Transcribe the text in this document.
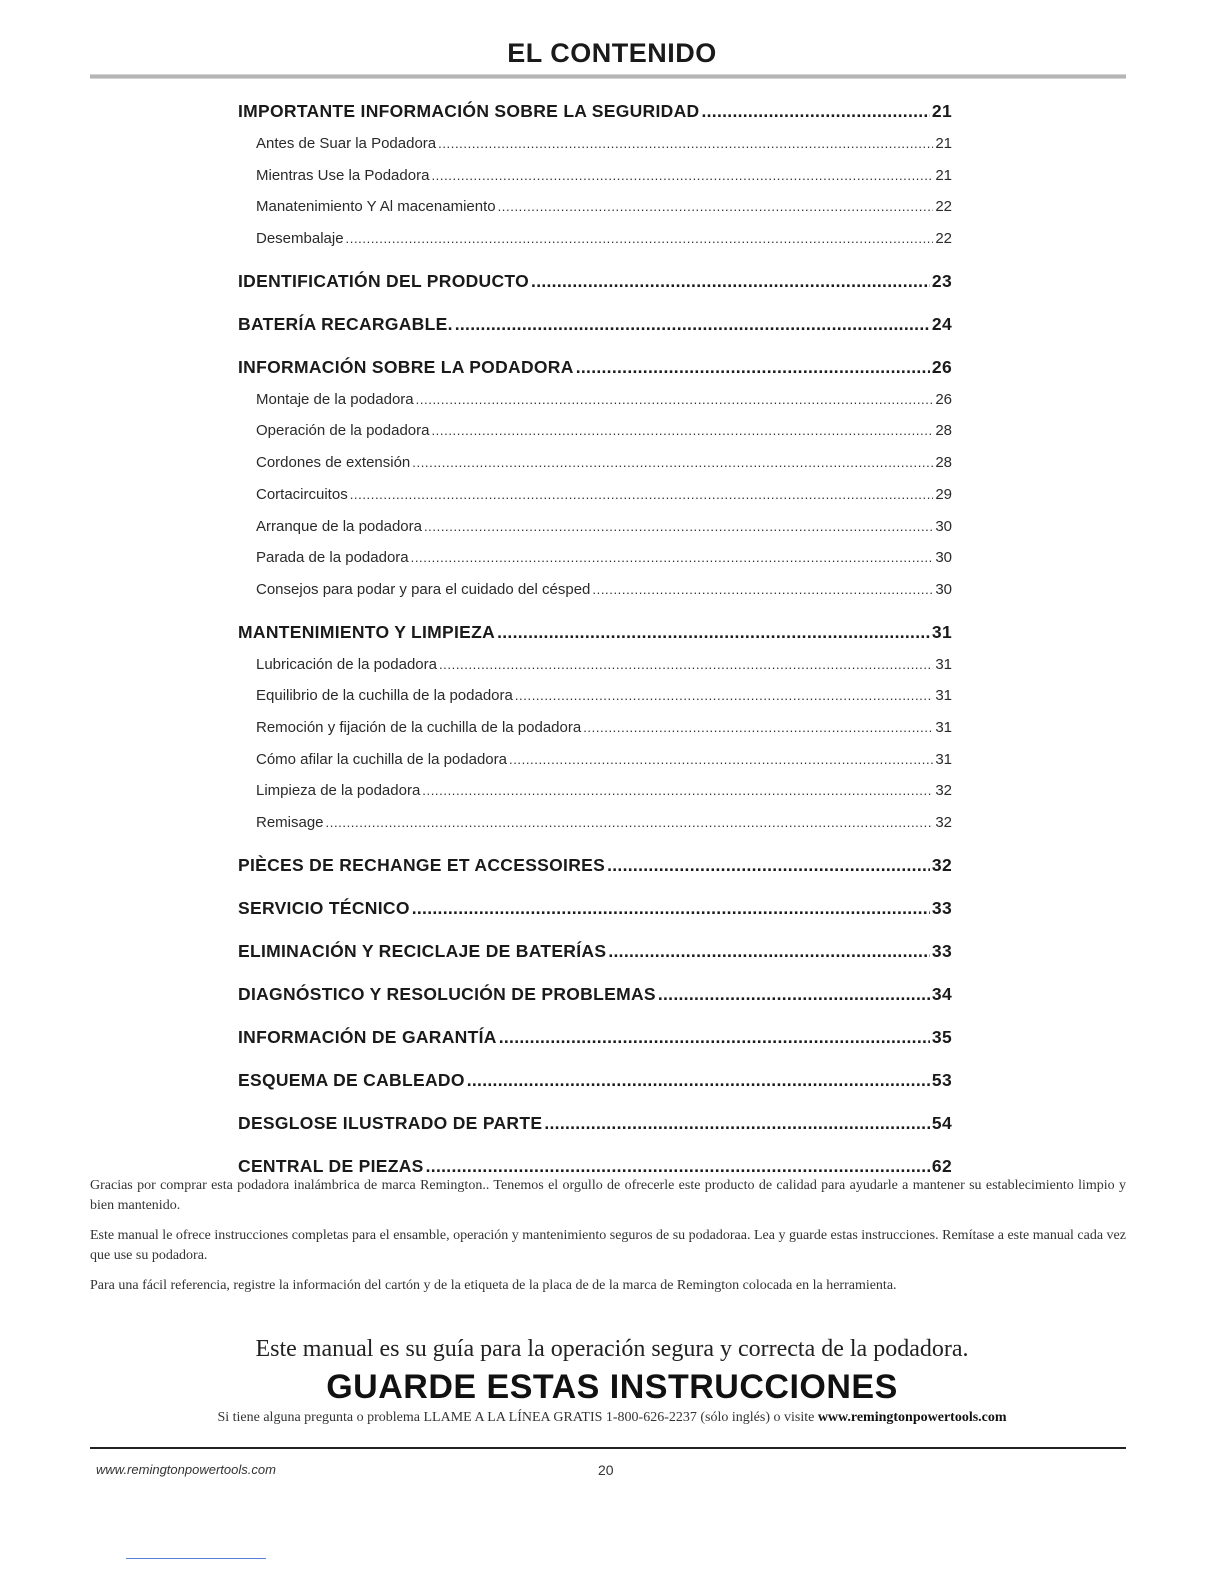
EL CONTENIDO
IMPORTANTE INFORMACIÓN SOBRE LA SEGURIDAD .....	21
Antes de Suar la Podadora .....	21
Mientras Use la Podadora .....	21
Manatenimiento Y Al macenamiento .....	22
Desembalaje .....	22
IDENTIFICATIÓN DEL PRODUCTO .....	23
BATERÍA RECARGABLE. .....	24
INFORMACIÓN SOBRE LA PODADORA .....	26
Montaje de la podadora .....	26
Operación de la podadora .....	28
Cordones de extensión .....	28
Cortacircuitos .....	29
Arranque de la podadora .....	30
Parada de la podadora .....	30
Consejos para podar y para el cuidado del césped .....	30
MANTENIMIENTO Y LIMPIEZA .....	31
Lubricación de la podadora .....	31
Equilibrio de la cuchilla de la podadora .....	31
Remoción y fijación de la cuchilla de la podadora .....	31
Cómo afilar la cuchilla de la podadora .....	31
Limpieza de la podadora .....	32
Remisage .....	32
PIÈCES DE RECHANGE ET ACCESSOIRES .....	32
SERVICIO TÉCNICO .....	33
ELIMINACIÓN Y RECICLAJE DE BATERÍAS .....	33
DIAGNÓSTICO Y RESOLUCIÓN DE PROBLEMAS .....	34
INFORMACIÓN DE GARANTÍA .....	35
ESQUEMA DE CABLEADO .....	53
DESGLOSE ILUSTRADO DE PARTE .....	54
CENTRAL DE PIEZAS .....	62

Gracias por comprar esta podadora inalámbrica de marca Remington.. Tenemos el orgullo de ofrecerle este producto de calidad para ayudarle a mantener su establecimiento limpio y bien mantenido.

Este manual le ofrece instrucciones completas para el ensamble, operación y mantenimiento seguros de su podadoraa. Lea y guarde estas instrucciones. Remítase a este manual cada vez que use su podadora.

Para una fácil referencia, registre la información del cartón y de la etiqueta de la placa de de la marca de Remington colocada en la herramienta.

Este manual es su guía para la operación segura y correcta de la podadora.
GUARDE ESTAS INSTRUCCIONES
Si tiene alguna pregunta o problema LLAME A LA LÍNEA GRATIS 1-800-626-2237 (sólo inglés) o visite www.remingtonpowertools.com
www.remingtonpowertools.com	20
